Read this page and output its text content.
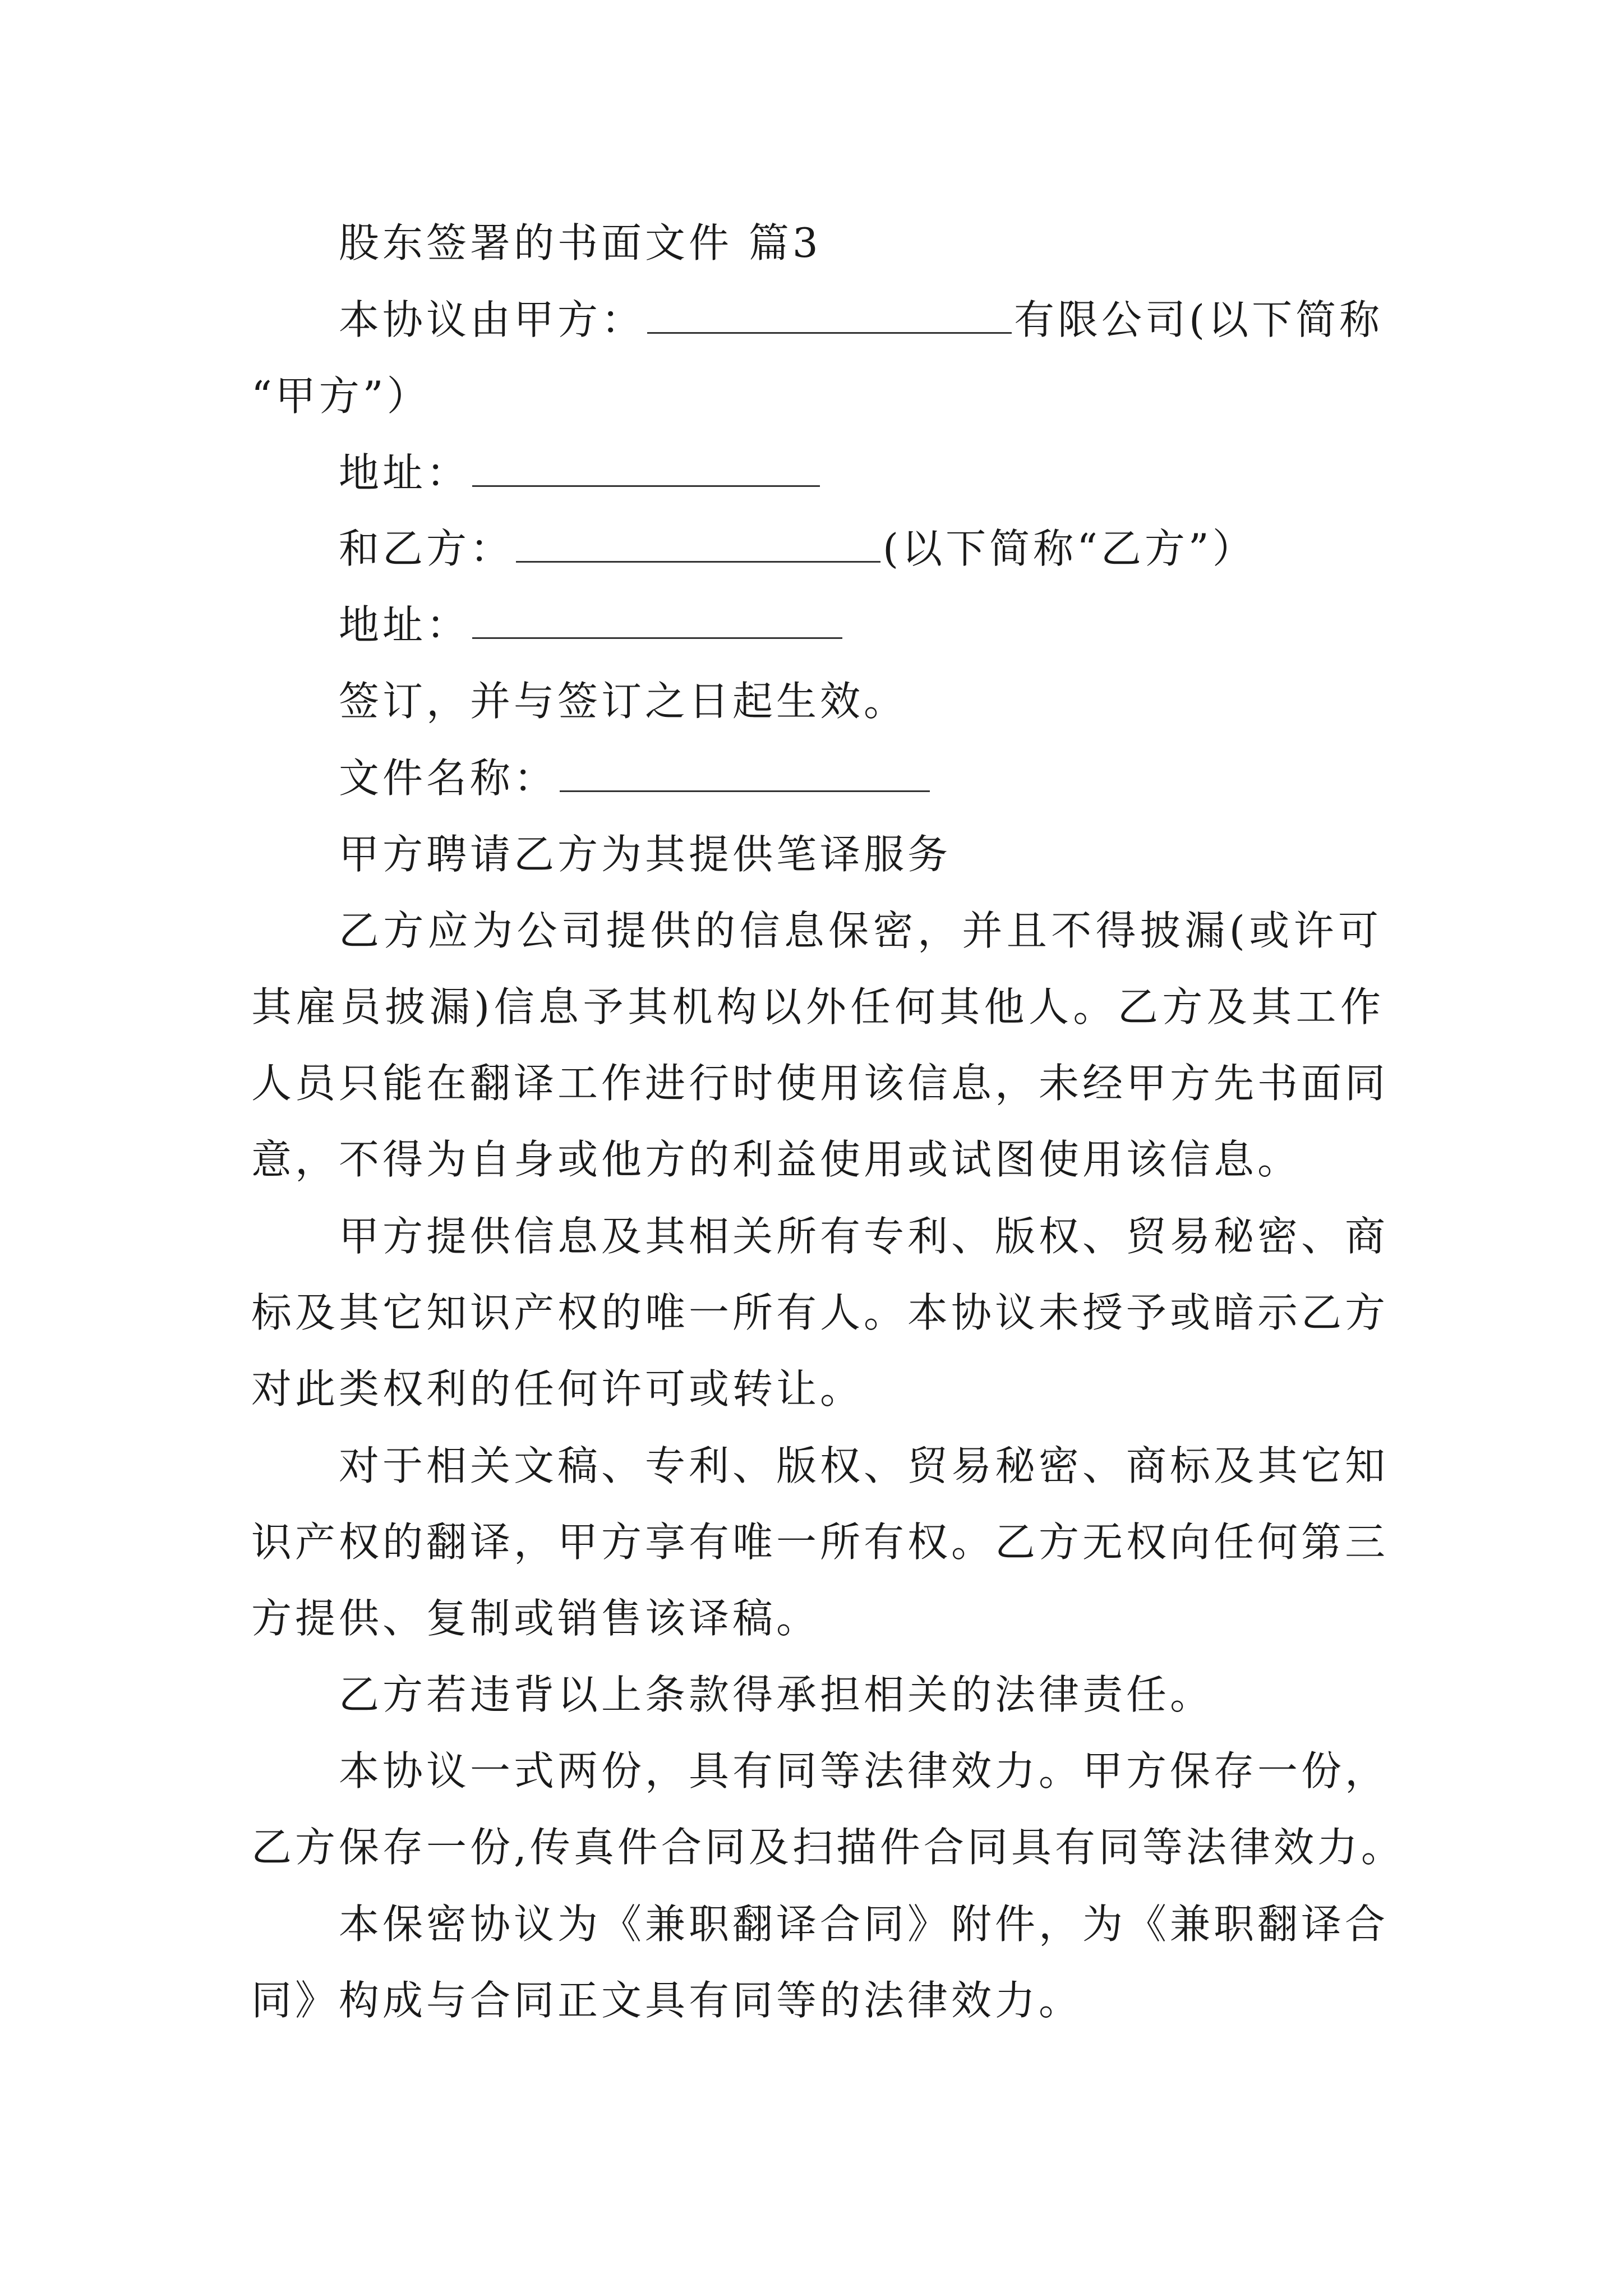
股东签署的书面文件 篇3
本协议由甲方：	有限公司(以下简称
“甲方”）
地址：
和乙方：	(以下简称“乙方”）
地址：
签订，并与签订之日起生效。
文件名称：
甲方聘请乙方为其提供笔译服务
乙方应为公司提供的信息保密，并且不得披漏(或许可
其雇员披漏)信息予其机构以外任何其他人。乙方及其工作
人员只能在翻译工作进行时使用该信息，未经甲方先书面同
意，不得为自身或他方的利益使用或试图使用该信息。
甲方提供信息及其相关所有专利、版权、贸易秘密、商
标及其它知识产权的唯一所有人。本协议未授予或暗示乙方
对此类权利的任何许可或转让。
对于相关文稿、专利、版权、贸易秘密、商标及其它知
识产权的翻译，甲方享有唯一所有权。乙方无权向任何第三
方提供、复制或销售该译稿。
乙方若违背以上条款得承担相关的法律责任。
本协议一式两份，具有同等法律效力。甲方保存一份，
乙方保存一份,传真件合同及扫描件合同具有同等法律效力。
本保密协议为《兼职翻译合同》附件，为《兼职翻译合
同》构成与合同正文具有同等的法律效力。
